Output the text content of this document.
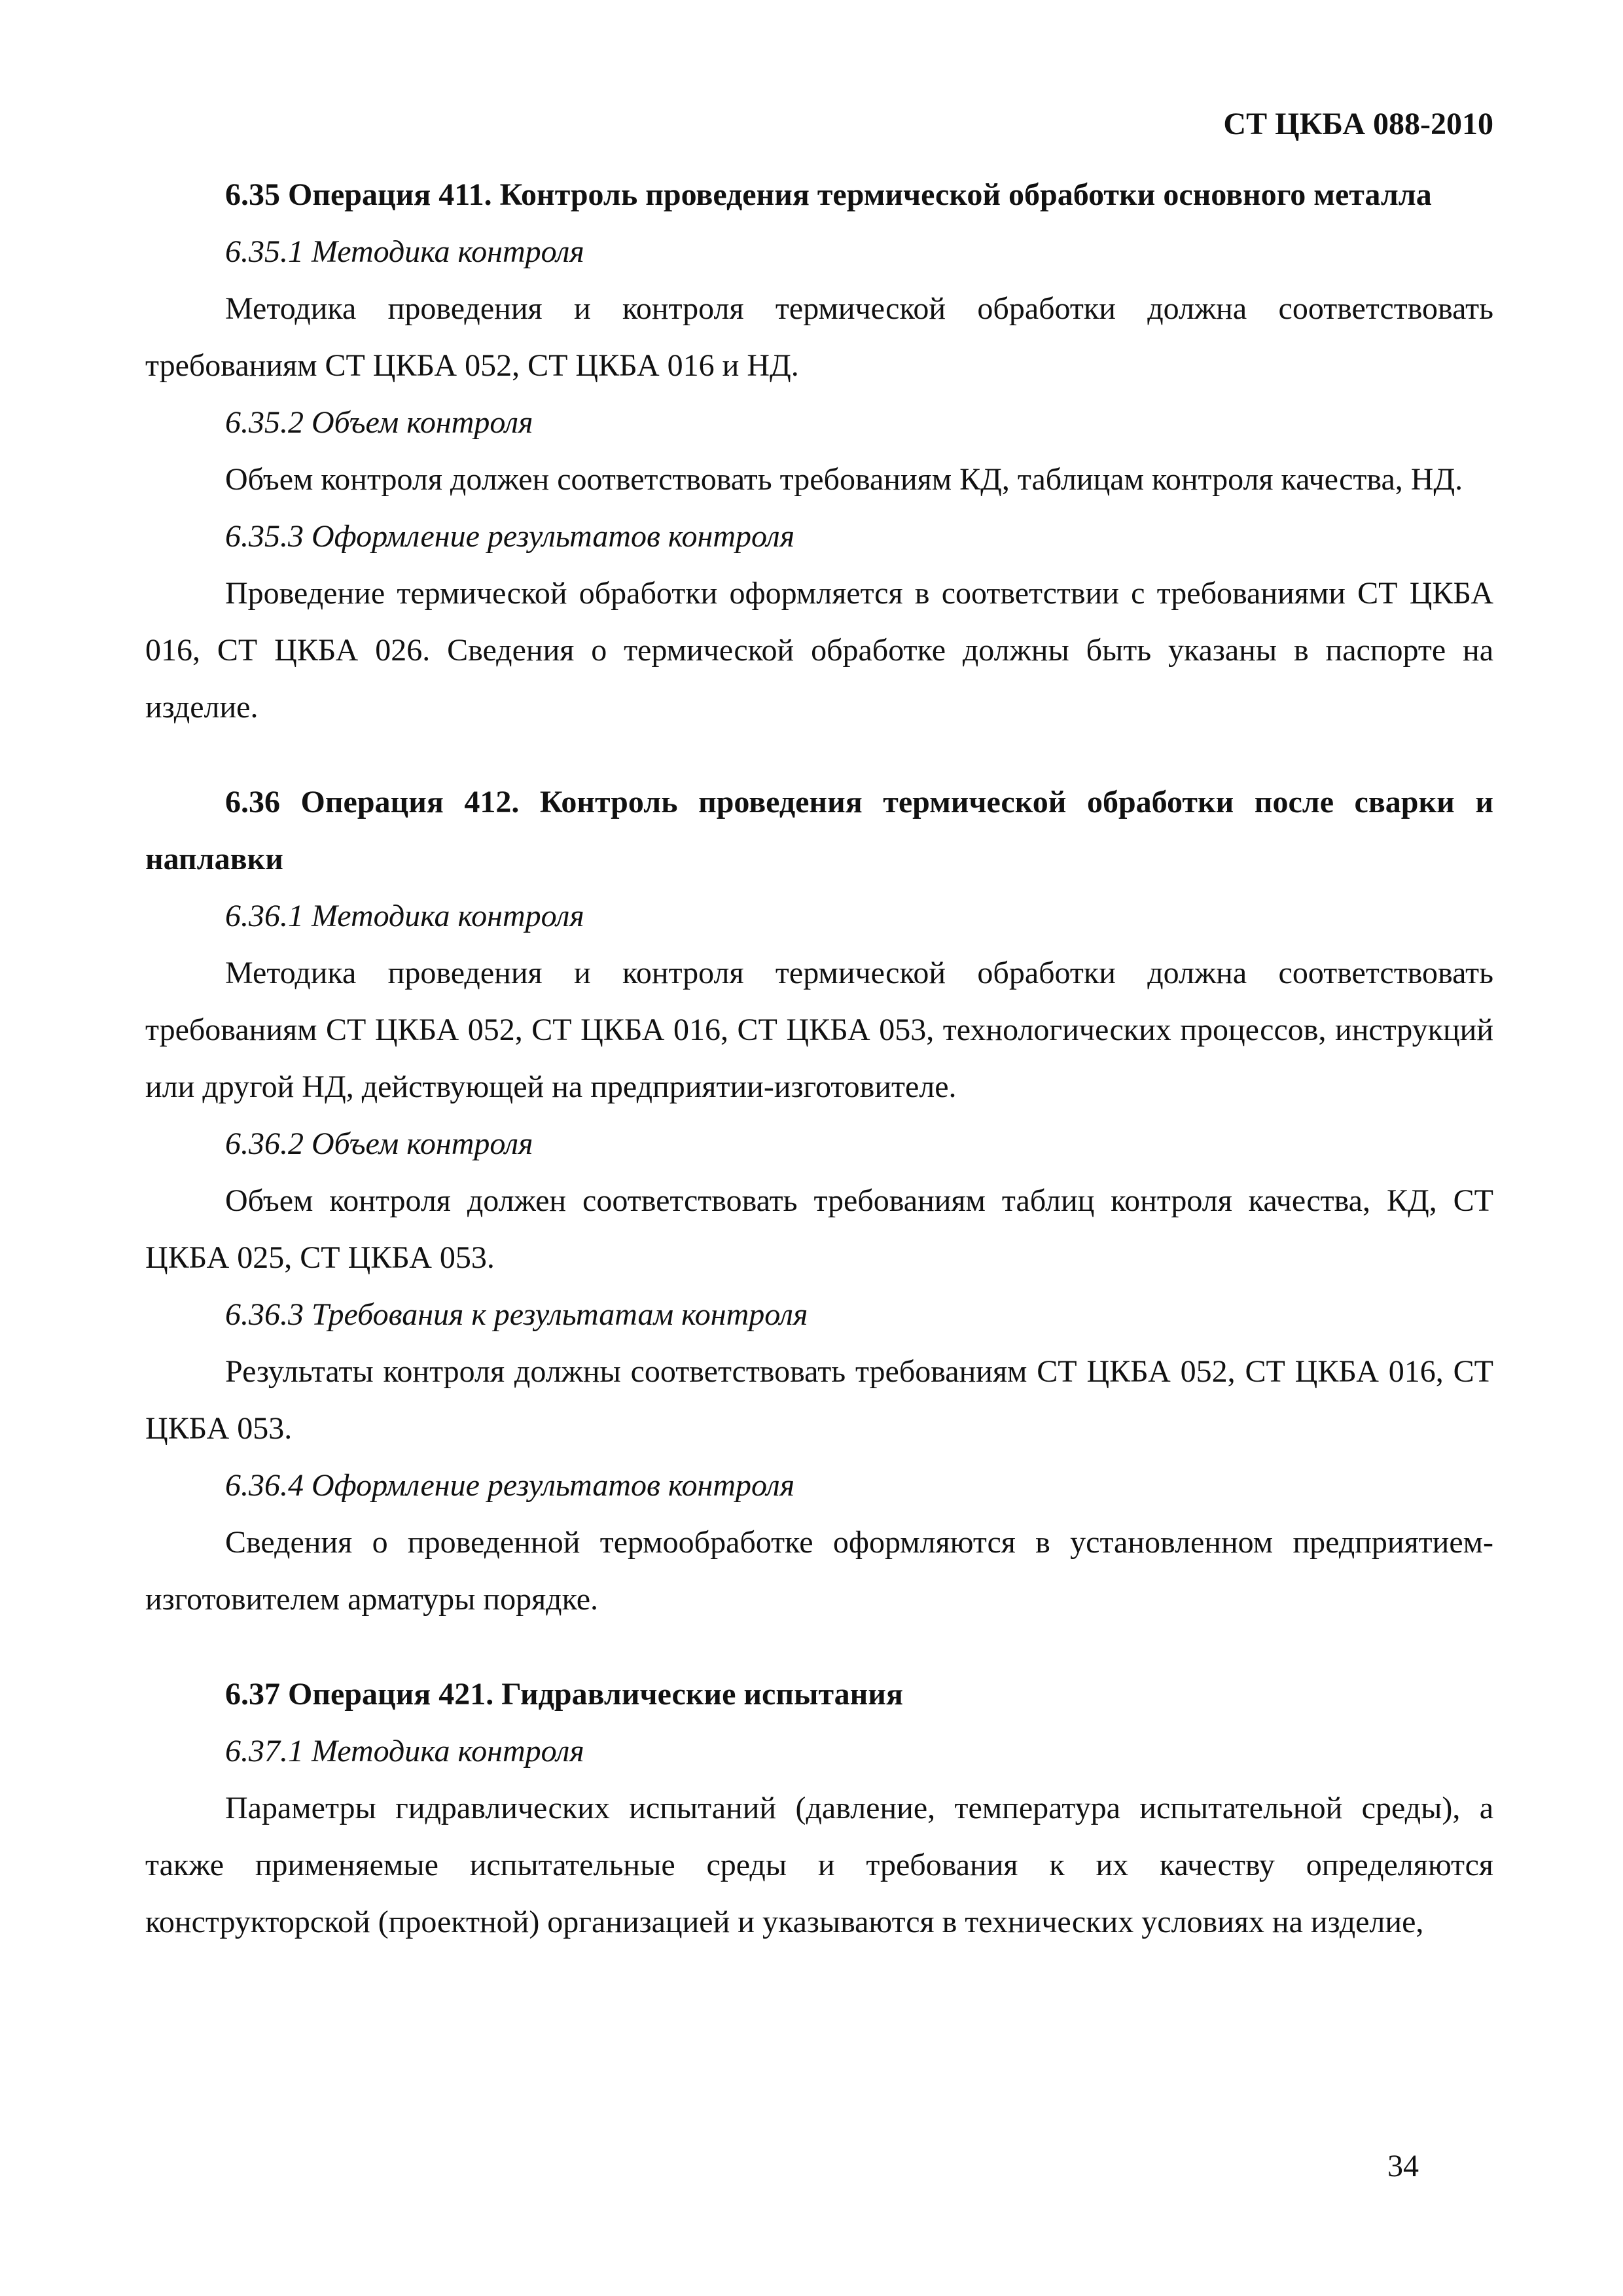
СТ ЦКБА 088-2010

6.35 Операция 411. Контроль проведения термической обработки основного металла

6.35.1 Методика контроля

Методика проведения и контроля термической обработки должна соответствовать требованиям СТ ЦКБА 052, СТ ЦКБА 016 и НД.

6.35.2 Объем контроля

Объем контроля должен соответствовать требованиям КД, таблицам контроля качества, НД.

6.35.3 Оформление результатов контроля

Проведение термической обработки оформляется в соответствии с требованиями СТ ЦКБА 016, СТ ЦКБА 026. Сведения о термической обработке должны быть указаны в паспорте на изделие.

6.36 Операция 412. Контроль проведения термической обработки после сварки и наплавки

6.36.1 Методика контроля

Методика проведения и контроля термической обработки должна соответствовать требованиям СТ ЦКБА 052, СТ ЦКБА 016, СТ ЦКБА 053, технологических процессов, инструкций или другой НД, действующей на предприятии-изготовителе.

6.36.2 Объем контроля

Объем контроля должен соответствовать требованиям таблиц контроля качества, КД, СТ ЦКБА 025, СТ ЦКБА 053.

6.36.3 Требования к результатам контроля

Результаты контроля должны соответствовать требованиям СТ ЦКБА 052, СТ ЦКБА 016, СТ ЦКБА 053.

6.36.4 Оформление результатов контроля

Сведения о проведенной термообработке оформляются в установленном предприятием-изготовителем арматуры порядке.

6.37 Операция 421. Гидравлические испытания

6.37.1 Методика контроля

Параметры гидравлических испытаний (давление, температура испытательной среды), а также применяемые испытательные среды и требования к их качеству определяются конструкторской (проектной) организацией и указываются в технических условиях на изделие,

34
